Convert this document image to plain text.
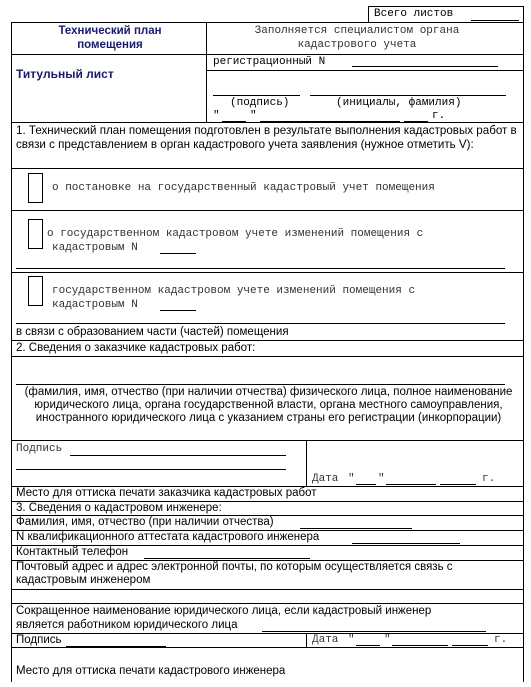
Всего листов
Технический план помещения
Титульный лист
Заполняется специалистом органа кадастрового учета
регистрационный N
(подпись)	(инициалы, фамилия)
"	"	г.
1. Технический план помещения подготовлен в результате выполнения кадастровых работ в связи с представлением в орган кадастрового учета заявления (нужное отметить V):
о постановке на государственный кадастровый учет помещения
о государственном кадастровом учете изменений помещения с
кадастровым N
государственном кадастровом учете изменений помещения с
кадастровым N
в связи с образованием части (частей) помещения
2. Сведения о заказчике кадастровых работ:
(фамилия, имя, отчество (при наличии отчества) физического лица, полное наименование юридического лица, органа государственной власти, органа местного самоуправления, иностранного юридического лица с указанием страны его регистрации (инкорпорации)
Подпись
Дата " "	г.
Место для оттиска печати заказчика кадастровых работ
3. Сведения о кадастровом инженере:
Фамилия, имя, отчество (при наличии отчества)
N квалификационного аттестата кадастрового инженера
Контактный телефон
Почтовый адрес и адрес электронной почты, по которым осуществляется связь с кадастровым инженером
Сокращенное наименование юридического лица, если кадастровый инженер
является работником юридического лица
Подпись	Дата "	"	г.
Место для оттиска печати кадастрового инженера
